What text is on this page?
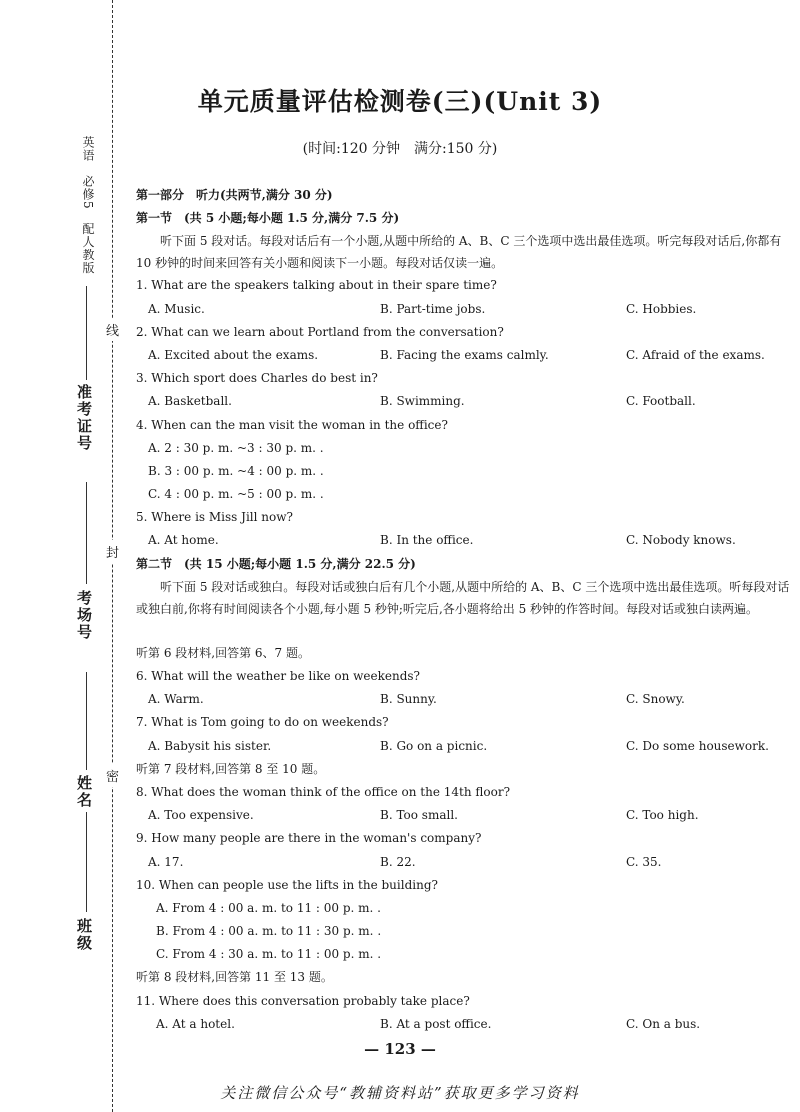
英语　必修5　配人教版
班级
姓名
考场号
准考证号
线
封
密
单元质量评估检测卷(三)(Unit 3)
(时间:120 分钟　满分:150 分)
第一部分　听力(共两节,满分 30 分)
第一节　(共 5 小题;每小题 1.5 分,满分 7.5 分)
听下面 5 段对话。每段对话后有一个小题,从题中所给的 A、B、C 三个选项中选出最佳选项。听完每段对话后,你都有 10 秒钟的时间来回答有关小题和阅读下一小题。每段对话仅读一遍。
1. What are the speakers talking about in their spare time?
A. Music.	B. Part-time jobs.	C. Hobbies.
2. What can we learn about Portland from the conversation?
A. Excited about the exams.	B. Facing the exams calmly.	C. Afraid of the exams.
3. Which sport does Charles do best in?
A. Basketball.	B. Swimming.	C. Football.
4. When can the man visit the woman in the office?
A. 2 : 30 p. m. ~3 : 30 p. m. .
B. 3 : 00 p. m. ~4 : 00 p. m. .
C. 4 : 00 p. m. ~5 : 00 p. m. .
5. Where is Miss Jill now?
A. At home.	B. In the office.	C. Nobody knows.
第二节　(共 15 小题;每小题 1.5 分,满分 22.5 分)
听下面 5 段对话或独白。每段对话或独白后有几个小题,从题中所给的 A、B、C 三个选项中选出最佳选项。听每段对话或独白前,你将有时间阅读各个小题,每小题 5 秒钟;听完后,各小题将给出 5 秒钟的作答时间。每段对话或独白读两遍。
听第 6 段材料,回答第 6、7 题。
6. What will the weather be like on weekends?
A. Warm.	B. Sunny.	C. Snowy.
7. What is Tom going to do on weekends?
A. Babysit his sister.	B. Go on a picnic.	C. Do some housework.
听第 7 段材料,回答第 8 至 10 题。
8. What does the woman think of the office on the 14th floor?
A. Too expensive.	B. Too small.	C. Too high.
9. How many people are there in the woman's company?
A. 17.	B. 22.	C. 35.
10. When can people use the lifts in the building?
A. From 4 : 00 a. m. to 11 : 00 p. m. .
B. From 4 : 00 a. m. to 11 : 30 p. m. .
C. From 4 : 30 a. m. to 11 : 00 p. m. .
听第 8 段材料,回答第 11 至 13 题。
11. Where does this conversation probably take place?
A. At a hotel.	B. At a post office.	C. On a bus.
— 123 —
关注微信公众号“教辅资料站”获取更多学习资料
